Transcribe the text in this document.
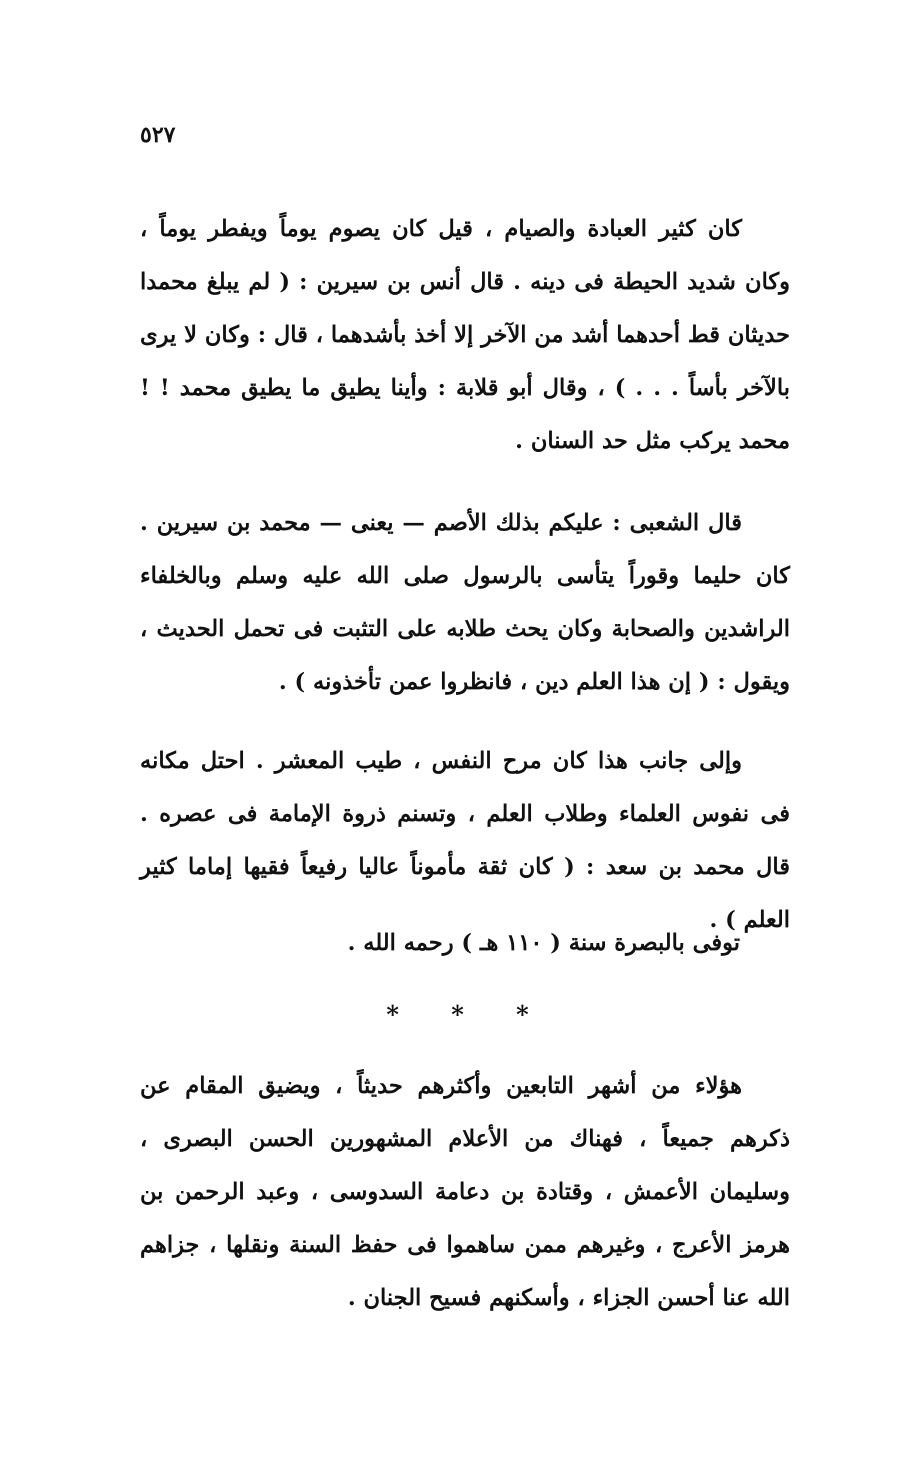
٥٢٧

كان كثير العبادة والصيام ، قيل كان يصوم يوماً ويفطر يوماً ، وكان شديد الحيطة فى دينه . قال أنس بن سيرين : ( لم يبلغ محمدا حديثان قط أحدهما أشد من الآخر إلا أخذ بأشدهما ، قال : وكان لا يرى بالآخر بأساً . . . ) ، وقال أبو قلابة : وأينا يطيق ما يطيق محمد ! ! محمد يركب مثل حد السنان .

قال الشعبى : عليكم بذلك الأصم — يعنى — محمد بن سيرين . كان حليما وقوراً يتأسى بالرسول صلى الله عليه وسلم وبالخلفاء الراشدين والصحابة وكان يحث طلابه على التثبت فى تحمل الحديث ، ويقول : ( إن هذا العلم دين ، فانظروا عمن تأخذونه ) .

وإلى جانب هذا كان مرح النفس ، طيب المعشر . احتل مكانه فى نفوس العلماء وطلاب العلم ، وتسنم ذروة الإمامة فى عصره . قال محمد بن سعد : ( كان ثقة مأموناً عاليا رفيعاً فقيها إماما كثير العلم ) .

توفى بالبصرة سنة ( ١١٠ هـ ) رحمه الله .
* * *

هؤلاء من أشهر التابعين وأكثرهم حديثاً ، ويضيق المقام عن ذكرهم جميعاً ، فهناك من الأعلام المشهورين الحسن البصرى ، وسليمان الأعمش ، وقتادة بن دعامة السدوسى ، وعبد الرحمن بن هرمز الأعرج ، وغيرهم ممن ساهموا فى حفظ السنة ونقلها ، جزاهم الله عنا أحسن الجزاء ، وأسكنهم فسيح الجنان .
